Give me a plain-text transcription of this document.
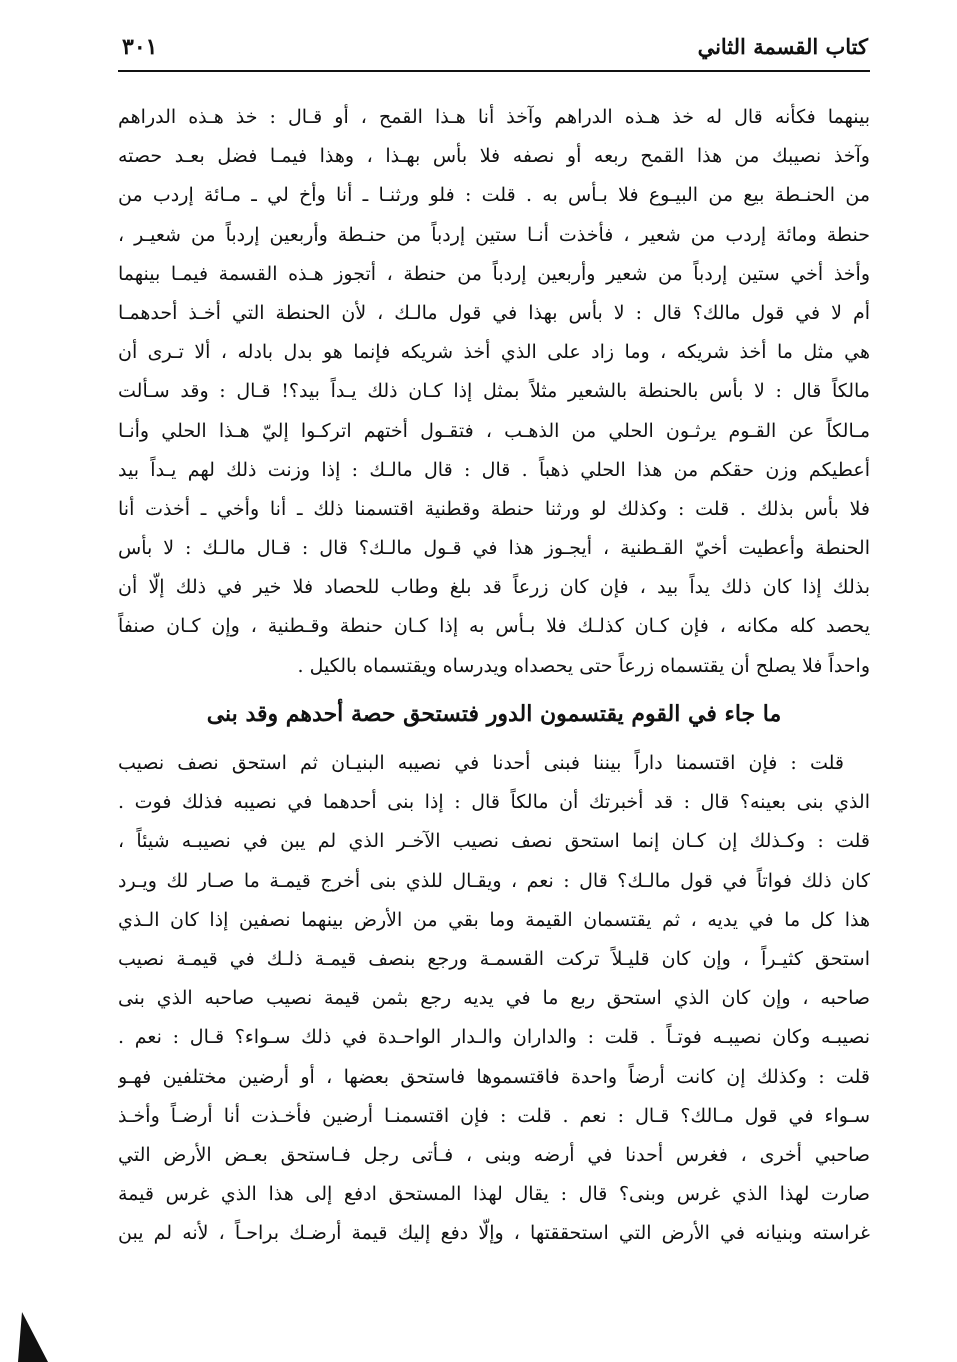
كتاب القسمة الثاني
٣٠١
بينهما فكأنه قال له خذ هـذه الدراهم وآخذ أنا هـذا القمح ، أو قـال : خذ هـذه الدراهم
وآخذ نصيبك من هذا القمح ربعه أو نصفه فلا بأس بهـذا ، وهذا فيمـا فضل بعـد حصته
من الحنـطة بيع من البيـوع فلا بـأس به . قلت : فلو ورثنـا ـ أنا وأخ لي ـ مـائة إردب من
حنطة ومائة إردب من شعير ، فأخذت أنـا ستين إردباً من حنـطة وأربعين إردباً من شعيـر ،
وأخذ أخي ستين إردباً من شعير وأربعين إردباً من حنطة ، أتجوز هـذه القسمة فيمـا بينهما
أم لا في قول مالك؟ قال : لا بأس بهذا في قول مالـك ، لأن الحنطة التي أخـذ أحدهمـا
هي مثل ما أخذ شريكه ، وما زاد على الذي أخذ شريكه فإنما هو بدل بادله ، ألا تـرى أن
مالكاً قال : لا بأس بالحنطة بالشعير مثلاً بمثل إذا كـان ذلك يـداً بيد؟! قـال : وقد سـألت
مـالكاً عن القـوم يرثـون الحلي من الذهـب ، فتقـول أختهم اتركـوا إليّ هـذا الحلي وأنـا
أعطيكم وزن حقكم من هذا الحلي ذهباً . قال : قال مالـك : إذا وزنت ذلك لهم يـداً بيد
فلا بأس بذلك . قلت : وكذلك لو ورثنا حنطة وقطنية اقتسمنا ذلك ـ أنا وأخي ـ أخذت أنا
الحنطة وأعطيت أخيّ القـطنية ، أيجـوز هذا في قـول مالـك؟ قال : قـال مالـك : لا بأس
بذلك إذا كان ذلك يداً بيد ، فإن كان زرعاً قد بلغ وطاب للحصاد فلا خير في ذلك إلّا أن
يحصد كله مكانه ، فإن كـان كذلـك فلا بـأس به إذا كـان حنطة وقـطنية ، وإن كـان صنفاً
واحداً فلا يصلح أن يقتسماه زرعاً حتى يحصداه ويدرساه ويقتسماه بالكيل .
ما جاء في القوم يقتسمون الدور فتستحق حصة أحدهم وقد بنى
قلت : فإن اقتسمنا داراً بيننا فبنى أحدنا في نصيبه البنيـان ثم استحق نصف نصيب
الذي بنى بعينه؟ قال : قد أخبرتك أن مالكاً قال : إذا بنى أحدهما في نصيبه فذلك فوت .
قلت : وكـذلك إن كـان إنما استحق نصف نصيب الآخـر الذي لم يبن في نصيبـه شيئاً ،
كان ذلك فواتاً في قول مالـك؟ قال : نعم ، ويقـال للذي بنى أخرج قيمـة ما صـار لك ويـرد
هذا كل ما في يديه ، ثم يقتسمان القيمة وما بقي من الأرض بينهما نصفين إذا كان الـذي
استحق كثيـراً ، وإن كان قليـلاً تركت القسمـة ورجع بنصف قيمـة ذلـك في قيمـة نصيب
صاحبه ، وإن كان الذي استحق ربع ما في يديه رجع بثمن قيمة نصيب صاحبه الذي بنى
نصيبـه وكان نصيبـه فوتـاً . قلت : والداران والـدار الواحـدة في ذلك سـواء؟ قـال : نعم .
قلت : وكذلك إن كانت أرضاً واحدة فاقتسموها فاستحق بعضها ، أو أرضين مختلفين فهـو
سـواء في قول مـالك؟ قـال : نعم . قلت : فإن اقتسمنـا أرضين فأخـذت أنا أرضـاً وأخـذ
صاحبي أخرى ، فغرس أحدنا في أرضه وبنى ، فـأتى رجل فـاستحق بعـض الأرض التي
صارت لهذا الذي غرس وبنى؟ قال : يقال لهذا المستحق ادفع إلى هذا الذي غرس قيمة
غراسته وبنيانه في الأرض التي استحققتها ، وإلّا دفع إليك قيمة أرضـك براحـاً ، لأنه لم يبن
